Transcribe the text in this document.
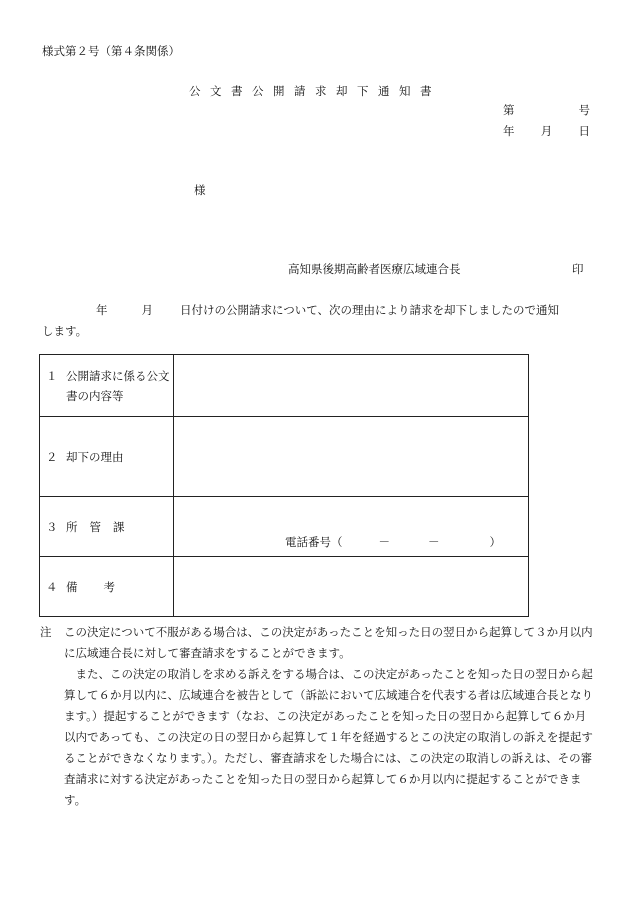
様式第２号（第４条関係）
公文書公開請求却下通知書
第	号
年 月 日
様
高知県後期高齢者医療広域連合長	印
年	月 日付けの公開請求について、次の理由により請求を却下しましたので通知
します。
１ 公開請求に係る公文書の内容等	

２ 却下の理由	

３ 所管課	電話番号（ － － ）

４ 備考	

注	この決定について不服がある場合は、この決定があったことを知った日の翌日から起算して３か月以内に広域連合長に対して審査請求をすることができます。
　また、この決定の取消しを求める訴えをする場合は、この決定があったことを知った日の翌日から起算して６か月以内に、広域連合を被告として（訴訟において広域連合を代表する者は広域連合長となります。）提起することができます（なお、この決定があったことを知った日の翌日から起算して６か月以内であっても、この決定の日の翌日から起算して１年を経過するとこの決定の取消しの訴えを提起することができなくなります。）。ただし、審査請求をした場合には、この決定の取消しの訴えは、その審査請求に対する決定があったことを知った日の翌日から起算して６か月以内に提起することができます。
